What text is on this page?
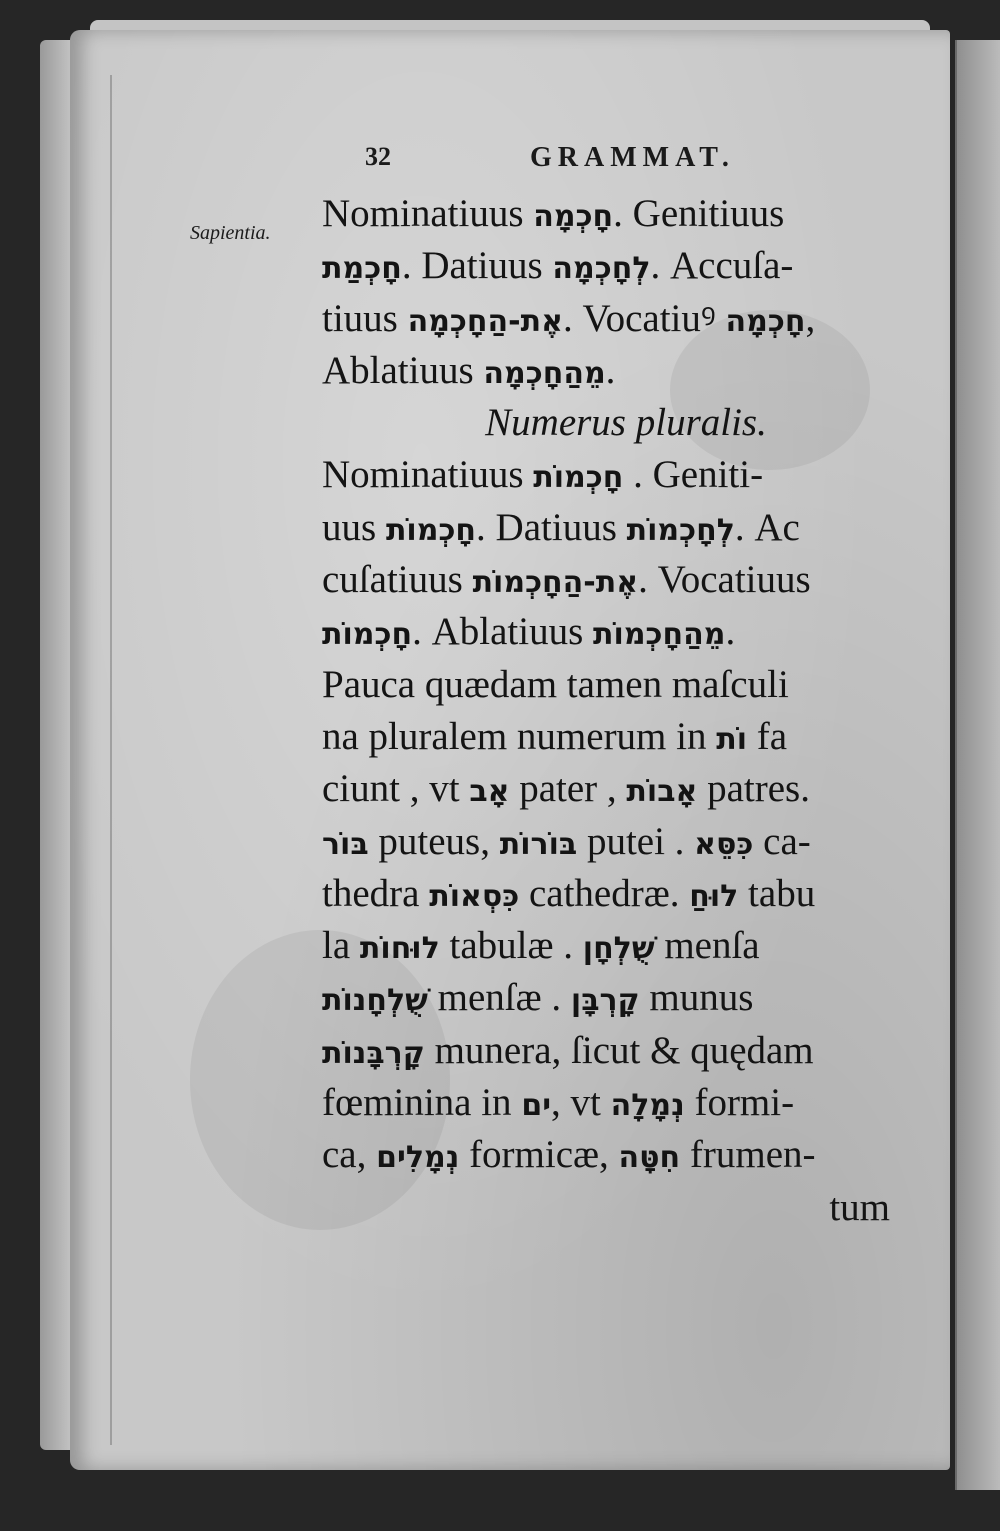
32	GRAMMAT.
Sapientia. Nominatiuus חָכְמָה. Genitiuus
חָכְמַת. Datiuus לְחָכְמָה. Accuſa-
tiuus אֶת-הַחָכְמָה. Vocatiuꝰ חָכְמָה,
Ablatiuus מֵהַחָכְמָה.
Numerus pluralis.
Nominatiuus חָכְמוֹת . Geniti-
uus חָכְמוֹת. Datiuus לְחָכְמוֹת. Ac
cuſatiuus אֶת-הַחָכְמוֹת. Vocatiuus
חָכְמוֹת. Ablatiuus מֵהַחָכְמוֹת.
Pauca quædam tamen maſculi
na pluralem numerum in וֹת fa
ciunt , vt אָב pater , אָבוֹת patres.
בּוֹר puteus, בּוֹרוֹת putei . כִּסֵּא ca-
thedra כִּסְאוֹת cathedræ. לוּחַ tabu
la לוּחוֹת tabulæ . שֻׁלְחָן menſa
שֻׁלְחָנוֹת menſæ . קָרְבָּן munus
קָרְבָּנוֹת munera, ſicut & quędam
fœminina in ים, vt נְמָלָה formi-
ca, נְמָלִים formicæ, חִטָּה frumen-
tum
